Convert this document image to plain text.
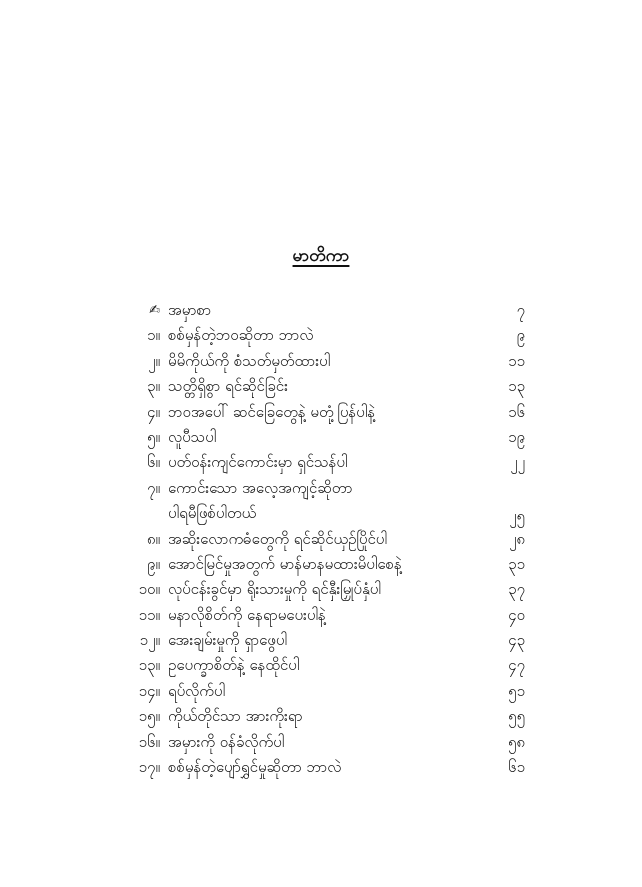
မာတိကာ
✍ အမှာစာ	၇
၁။ စစ်မှန်တဲ့ဘဝဆိုတာ ဘာလဲ	၉
၂။ မိမိကိုယ်ကို စံသတ်မှတ်ထားပါ	၁၁
၃။ သတ္တိရှိစွာ ရင်ဆိုင်ခြင်း	၁၃
၄။ ဘဝအပေါ် ဆင်ခြေတွေနဲ့ မတုံ့ပြန်ပါနဲ့	၁၆
၅။ လူပီသပါ	၁၉
၆။ ပတ်ဝန်းကျင်ကောင်းမှာ ရှင်သန်ပါ	၂၂
၇။ ကောင်းသော အလေ့အကျင့်ဆိုတာ
ပါရမီဖြစ်ပါတယ်	၂၅
၈။ အဆိုးလောကဓံတွေကို ရင်ဆိုင်ယှဉ်ပြိုင်ပါ	၂၈
၉။ အောင်မြင်မှုအတွက် မာန်မာနမထားမိပါစေနဲ့	၃၁
၁၀။ လုပ်ငန်းခွင်မှာ ရိုးသားမှုကို ရင်နှီးမြှုပ်နှံပါ	၃၇
၁၁။ မနာလိုစိတ်ကို နေရာမပေးပါနဲ့	၄၀
၁၂။ အေးချမ်းမှုကို ရှာဖွေပါ	၄၃
၁၃။ ဥပေက္ခာစိတ်နဲ့ နေထိုင်ပါ	၄၇
၁၄။ ရပ်လိုက်ပါ	၅၁
၁၅။ ကိုယ်တိုင်သာ အားကိုးရာ	၅၅
၁၆။ အမှားကို ဝန်ခံလိုက်ပါ	၅၈
၁၇။ စစ်မှန်တဲ့ပျော်ရွှင်မှုဆိုတာ ဘာလဲ	၆၁
